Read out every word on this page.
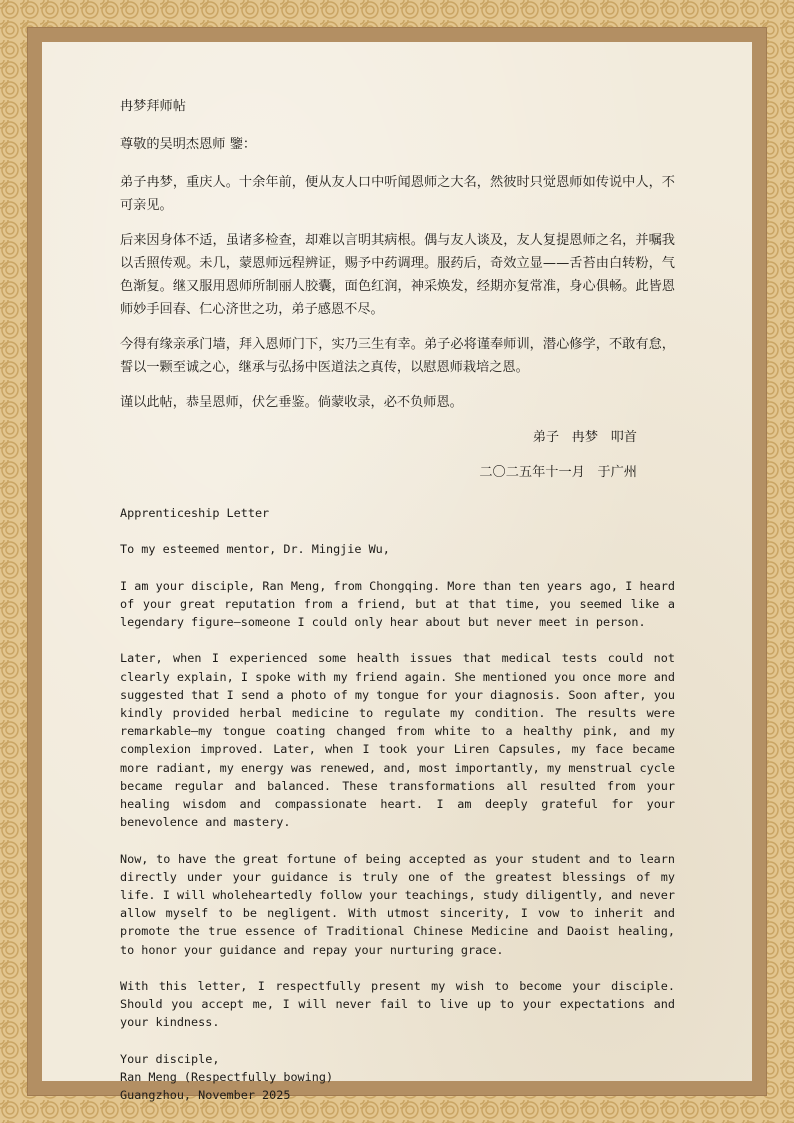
冉梦拜师帖

尊敬的吴明杰恩师 鑒：

弟子冉梦，重庆人。十余年前，便从友人口中听闻恩师之大名，然彼时只觉恩师如传说中人，不可亲见。

后来因身体不适，虽诸多检查，却难以言明其病根。偶与友人谈及，友人复提恩师之名，并嘱我以舌照传观。未几，蒙恩师远程辨证，赐予中药调理。服药后，奇效立显——舌苔由白转粉，气色渐复。继又服用恩师所制丽人胶囊，面色红润，神采焕发，经期亦复常准，身心俱畅。此皆恩师妙手回春、仁心济世之功，弟子感恩不尽。

今得有缘亲承门墙，拜入恩师门下，实乃三生有幸。弟子必将谨奉师训，潜心修学，不敢有怠，誓以一颗至诚之心，继承与弘扬中医道法之真传，以慰恩师栽培之恩。

谨以此帖，恭呈恩师，伏乞垂鉴。倘蒙收录，必不负师恩。

弟子   冉梦   叩首

二〇二五年十一月   于广州

Apprenticeship Letter

To my esteemed mentor, Dr. Mingjie Wu,

I am your disciple, Ran Meng, from Chongqing. More than ten years ago, I heard of your great reputation from a friend, but at that time, you seemed like a legendary figure—someone I could only hear about but never meet in person.

Later, when I experienced some health issues that medical tests could not clearly explain, I spoke with my friend again. She mentioned you once more and suggested that I send a photo of my tongue for your diagnosis. Soon after, you kindly provided herbal medicine to regulate my condition. The results were remarkable—my tongue coating changed from white to a healthy pink, and my complexion improved. Later, when I took your Liren Capsules, my face became more radiant, my energy was renewed, and, most importantly, my menstrual cycle became regular and balanced. These transformations all resulted from your healing wisdom and compassionate heart. I am deeply grateful for your benevolence and mastery.

Now, to have the great fortune of being accepted as your student and to learn directly under your guidance is truly one of the greatest blessings of my life. I will wholeheartedly follow your teachings, study diligently, and never allow myself to be negligent. With utmost sincerity, I vow to inherit and promote the true essence of Traditional Chinese Medicine and Daoist healing, to honor your guidance and repay your nurturing grace.

With this letter, I respectfully present my wish to become your disciple. Should you accept me, I will never fail to live up to your expectations and your kindness.

Your disciple,

Ran Meng (Respectfully bowing)

Guangzhou, November 2025
